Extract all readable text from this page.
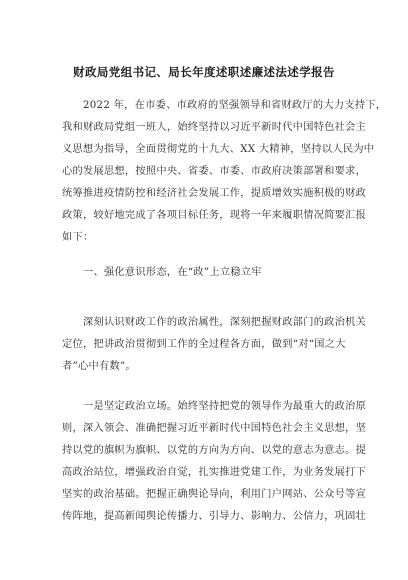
财政局党组书记、局长年度述职述廉述法述学报告
　　2022 年，在市委、市政府的坚强领导和省财政厅的大力支持下，
我和财政局党组一班人，始终坚持以习近平新时代中国特色社会主
义思想为指导，全面贯彻党的十九大、XX 大精神，坚持以人民为中
心的发展思想，按照中央、省委、市委、市政府决策部署和要求，
统筹推进疫情防控和经济社会发展工作，提质增效实施积极的财政
政策，较好地完成了各项目标任务，现将一年来履职情况简要汇报
如下：
　　一、强化意识形态，在“政”上立稳立牢
　　深刻认识财政工作的政治属性，深刻把握财政部门的政治机关
定位，把讲政治贯彻到工作的全过程各方面，做到“对“国之大
者”心中有数”。
　　一是坚定政治立场。始终坚持把党的领导作为最重大的政治原
则，深入领会、准确把握习近平新时代中国特色社会主义思想，坚
持以党的旗帜为旗帜、以党的方向为方向、以党的意志为意志。提
高政治站位，增强政治自觉，扎实推进党建工作，为业务发展打下
坚实的政治基础。把握正确舆论导向，利用门户网站、公众号等宣
传阵地，提高新闻舆论传播力、引导力、影响力、公信力，巩固壮
